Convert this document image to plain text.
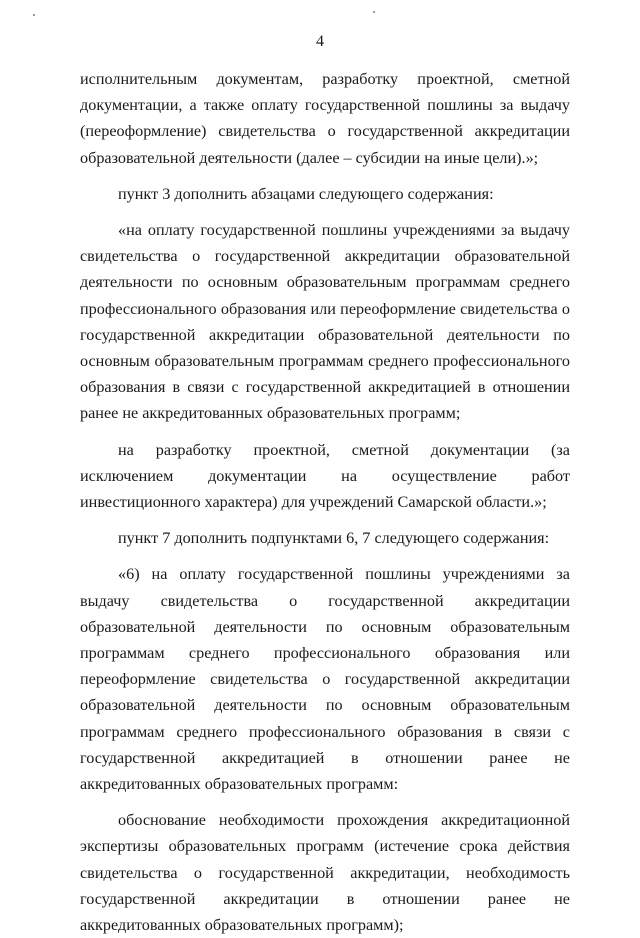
4

исполнительным документам, разработку проектной, сметной документации, а также оплату государственной пошлины за выдачу (переоформление) свидетельства о государственной аккредитации образовательной деятельности (далее – субсидии на иные цели).»;

пункт 3 дополнить абзацами следующего содержания:

«на оплату государственной пошлины учреждениями за выдачу свидетельства о государственной аккредитации образовательной деятельности по основным образовательным программам среднего профессионального образования или переоформление свидетельства о государственной аккредитации образовательной деятельности по основным образовательным программам среднего профессионального образования в связи с государственной аккредитацией в отношении ранее не аккредитованных образовательных программ;

на разработку проектной, сметной документации (за исключением документации на осуществление работ инвестиционного характера) для учреждений Самарской области.»;

пункт 7 дополнить подпунктами 6, 7 следующего содержания:

«6) на оплату государственной пошлины учреждениями за выдачу свидетельства о государственной аккредитации образовательной деятельности по основным образовательным программам среднего профессионального образования или переоформление свидетельства о государственной аккредитации образовательной деятельности по основным образовательным программам среднего профессионального образования в связи с государственной аккредитацией в отношении ранее не аккредитованных образовательных программ:

обоснование необходимости прохождения аккредитационной экспертизы образовательных программ (истечение срока действия свидетельства о государственной аккредитации, необходимость государственной аккредитации в отношении ранее не аккредитованных образовательных программ);
